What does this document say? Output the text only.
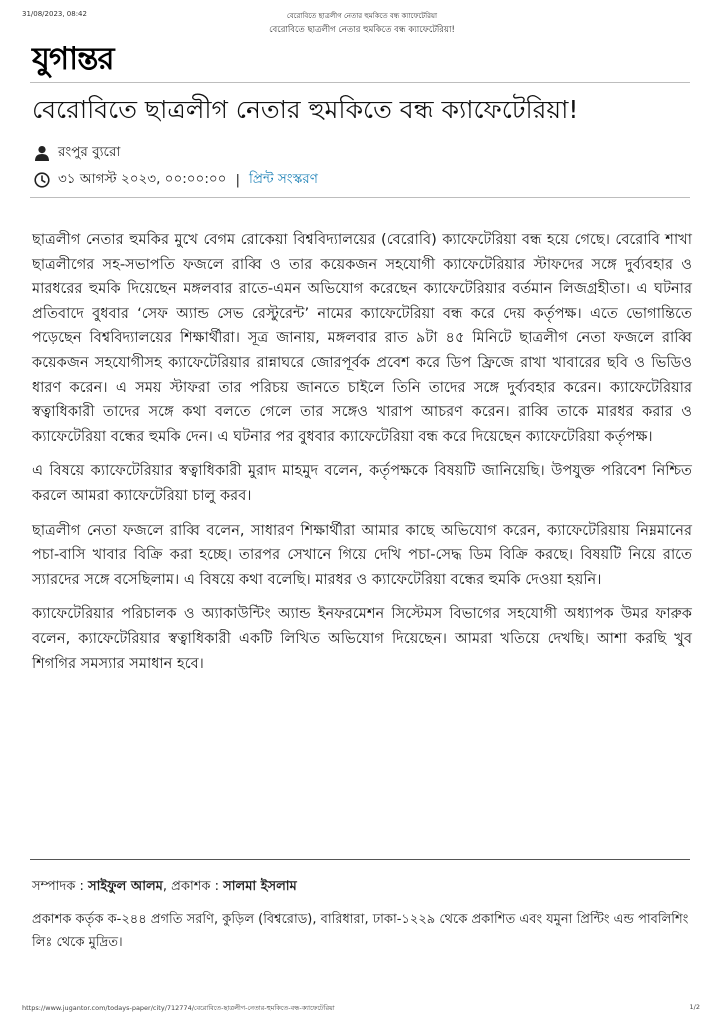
31/08/2023, 08:42	বেরোবিতে ছাত্রলীগ নেতার হুমকিতে বন্ধ ক্যাফেটেরিয়া
বেরোবিতে ছাত্রলীগ নেতার হুমকিতে বন্ধ ক্যাফেটেরিয়া!
যুগান্তর
বেরোবিতে ছাত্রলীগ নেতার হুমকিতে বন্ধ ক্যাফেটেরিয়া!
রংপুর ব্যুরো
৩১ আগস্ট ২০২৩, ০০:০০:০০ | প্রিন্ট সংস্করণ

ছাত্রলীগ নেতার হুমকির মুখে বেগম রোকেয়া বিশ্ববিদ্যালয়ের (বেরোবি) ক্যাফেটেরিয়া বন্ধ হয়ে গেছে। বেরোবি শাখা ছাত্রলীগের সহ-সভাপতি ফজলে রাব্বি ও তার কয়েকজন সহযোগী ক্যাফেটেরিয়ার স্টাফদের সঙ্গে দুর্ব্যবহার ও মারধরের হুমকি দিয়েছেন মঙ্গলবার রাতে-এমন অভিযোগ করেছেন ক্যাফেটেরিয়ার বর্তমান লিজগ্রহীতা। এ ঘটনার প্রতিবাদে বুধবার ‘সেফ অ্যান্ড সেভ রেস্টুরেন্ট’ নামের ক্যাফেটেরিয়া বন্ধ করে দেয় কর্তৃপক্ষ। এতে ভোগান্তিতে পড়েছেন বিশ্ববিদ্যালয়ের শিক্ষার্থীরা। সূত্র জানায়, মঙ্গলবার রাত ৯টা ৪৫ মিনিটে ছাত্রলীগ নেতা ফজলে রাব্বি কয়েকজন সহযোগীসহ ক্যাফেটেরিয়ার রান্নাঘরে জোরপূর্বক প্রবেশ করে ডিপ ফ্রিজে রাখা খাবারের ছবি ও ভিডিও ধারণ করেন। এ সময় স্টাফরা তার পরিচয় জানতে চাইলে তিনি তাদের সঙ্গে দুর্ব্যবহার করেন। ক্যাফেটেরিয়ার স্বত্বাধিকারী তাদের সঙ্গে কথা বলতে গেলে তার সঙ্গেও খারাপ আচরণ করেন। রাব্বি তাকে মারধর করার ও ক্যাফেটেরিয়া বন্ধের হুমকি দেন। এ ঘটনার পর বুধবার ক্যাফেটেরিয়া বন্ধ করে দিয়েছেন ক্যাফেটেরিয়া কর্তৃপক্ষ।

এ বিষয়ে ক্যাফেটেরিয়ার স্বত্বাধিকারী মুরাদ মাহমুদ বলেন, কর্তৃপক্ষকে বিষয়টি জানিয়েছি। উপযুক্ত পরিবেশ নিশ্চিত করলে আমরা ক্যাফেটেরিয়া চালু করব।

ছাত্রলীগ নেতা ফজলে রাব্বি বলেন, সাধারণ শিক্ষার্থীরা আমার কাছে অভিযোগ করেন, ক্যাফেটেরিয়ায় নিম্নমানের পচা-বাসি খাবার বিক্রি করা হচ্ছে। তারপর সেখানে গিয়ে দেখি পচা-সেদ্ধ ডিম বিক্রি করছে। বিষয়টি নিয়ে রাতে স্যারদের সঙ্গে বসেছিলাম। এ বিষয়ে কথা বলেছি। মারধর ও ক্যাফেটেরিয়া বন্ধের হুমকি দেওয়া হয়নি।

ক্যাফেটেরিয়ার পরিচালক ও অ্যাকাউন্টিং অ্যান্ড ইনফরমেশন সিস্টেমস বিভাগের সহযোগী অধ্যাপক উমর ফারুক বলেন, ক্যাফেটেরিয়ার স্বত্বাধিকারী একটি লিখিত অভিযোগ দিয়েছেন। আমরা খতিয়ে দেখছি। আশা করছি খুব শিগগির সমস্যার সমাধান হবে।

সম্পাদক : সাইফুল আলম, প্রকাশক : সালমা ইসলাম
প্রকাশক কর্তৃক ক-২৪৪ প্রগতি সরণি, কুড়িল (বিশ্বরোড), বারিধারা, ঢাকা-১২২৯ থেকে প্রকাশিত এবং যমুনা প্রিন্টিং এন্ড পাবলিশিং লিঃ থেকে মুদ্রিত।
https://www.jugantor.com/todays-paper/city/712774/বেরোবিতে-ছাত্রলীগ-নেতার-হুমকিতে-বন্ধ-ক্যাফেটেরিয়া	1/2
